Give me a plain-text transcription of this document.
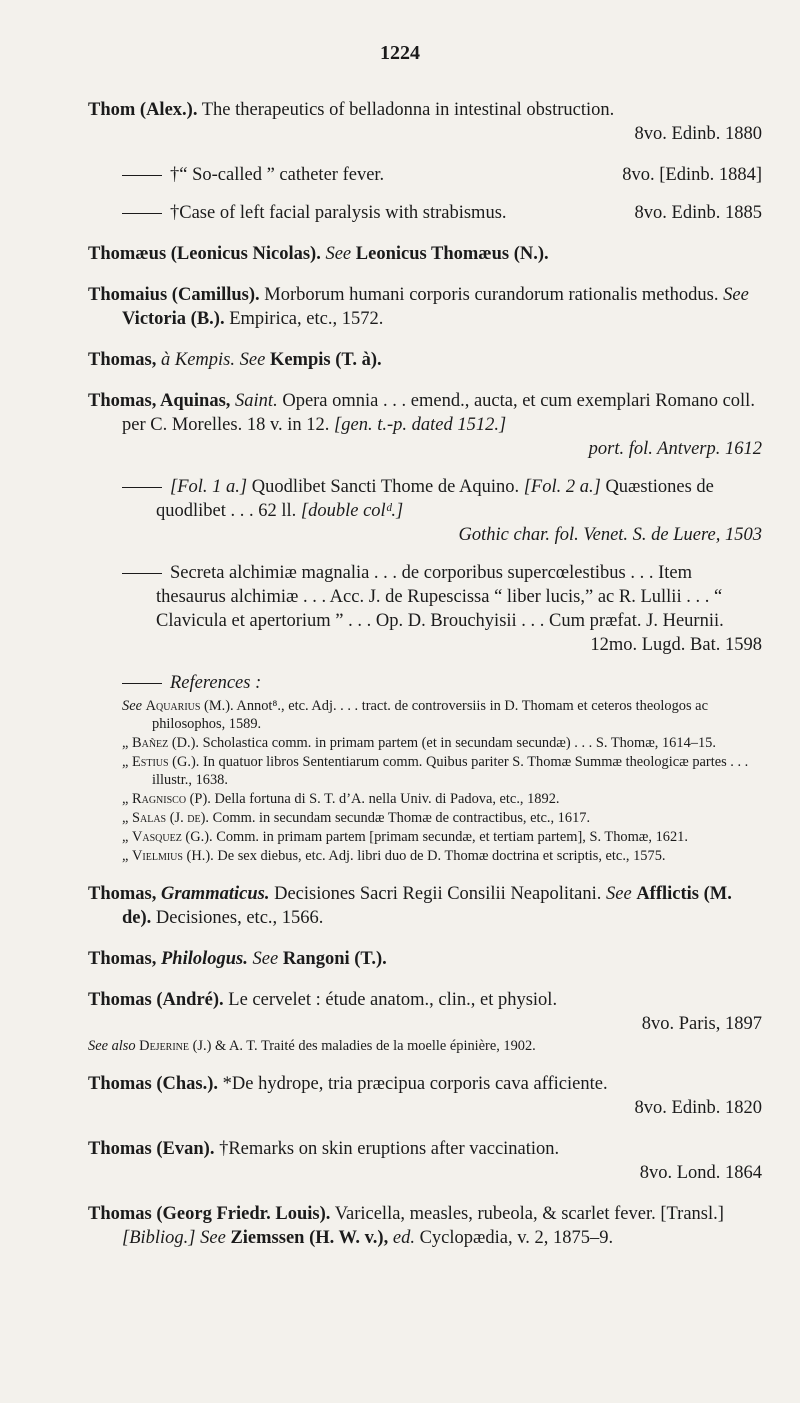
1224
Thom (Alex.). The therapeutics of belladonna in intestinal obstruction.
8vo. Edinb. 1880
†“ So-called ” catheter fever.	8vo. [Edinb. 1884]
†Case of left facial paralysis with strabismus.	8vo. Edinb. 1885
Thomæus (Leonicus Nicolas). See Leonicus Thomæus (N.).
Thomaius (Camillus). Morborum humani corporis curandorum rationalis methodus. See Victoria (B.). Empirica, etc., 1572.
Thomas, à Kempis. See Kempis (T. à).
Thomas, Aquinas, Saint. Opera omnia . . . emend., aucta, et cum exemplari Romano coll. per C. Morelles. 18 v. in 12. [gen. t.-p. dated 1512.]
port. fol. Antverp. 1612
[Fol. 1 a.] Quodlibet Sancti Thome de Aquino. [Fol. 2 a.] Quæstiones de quodlibet . . . 62 ll. [double colᵈ.]
Gothic char. fol. Venet. S. de Luere, 1503
Secreta alchimiæ magnalia . . . de corporibus supercœlestibus . . . Item thesaurus alchimiæ . . . Acc. J. de Rupescissa “ liber lucis,” ac R. Lullii . . . “ Clavicula et apertorium ” . . . Op. D. Brouchyisii . . . Cum præfat. J. Heurnii.
12mo. Lugd. Bat. 1598
References :
See Aquarius (M.). Annot⁸., etc. Adj. . . . tract. de controversiis in D. Thomam et ceteros theologos ac philosophos, 1589.
„ Bañez (D.). Scholastica comm. in primam partem (et in secundam secundæ) . . . S. Thomæ, 1614–15.
„ Estius (G.). In quatuor libros Sententiarum comm. Quibus pariter S. Thomæ Summæ theologicæ partes . . . illustr., 1638.
„ Ragnisco (P). Della fortuna di S. T. d’A. nella Univ. di Padova, etc., 1892.
„ Salas (J. de). Comm. in secundam secundæ Thomæ de contractibus, etc., 1617.
„ Vasquez (G.). Comm. in primam partem [primam secundæ, et tertiam partem], S. Thomæ, 1621.
„ Vielmius (H.). De sex diebus, etc. Adj. libri duo de D. Thomæ doctrina et scriptis, etc., 1575.
Thomas, Grammaticus. Decisiones Sacri Regii Consilii Neapolitani. See Afflictis (M. de). Decisiones, etc., 1566.
Thomas, Philologus. See Rangoni (T.).
Thomas (André). Le cervelet : étude anatom., clin., et physiol.
8vo. Paris, 1897
See also Dejerine (J.) & A. T. Traité des maladies de la moelle épinière, 1902.
Thomas (Chas.). *De hydrope, tria præcipua corporis cava afficiente.
8vo. Edinb. 1820
Thomas (Evan). †Remarks on skin eruptions after vaccination.
8vo. Lond. 1864
Thomas (Georg Friedr. Louis). Varicella, measles, rubeola, & scarlet fever. [Transl.] [Bibliog.] See Ziemssen (H. W. v.), ed. Cyclopædia, v. 2, 1875–9.
